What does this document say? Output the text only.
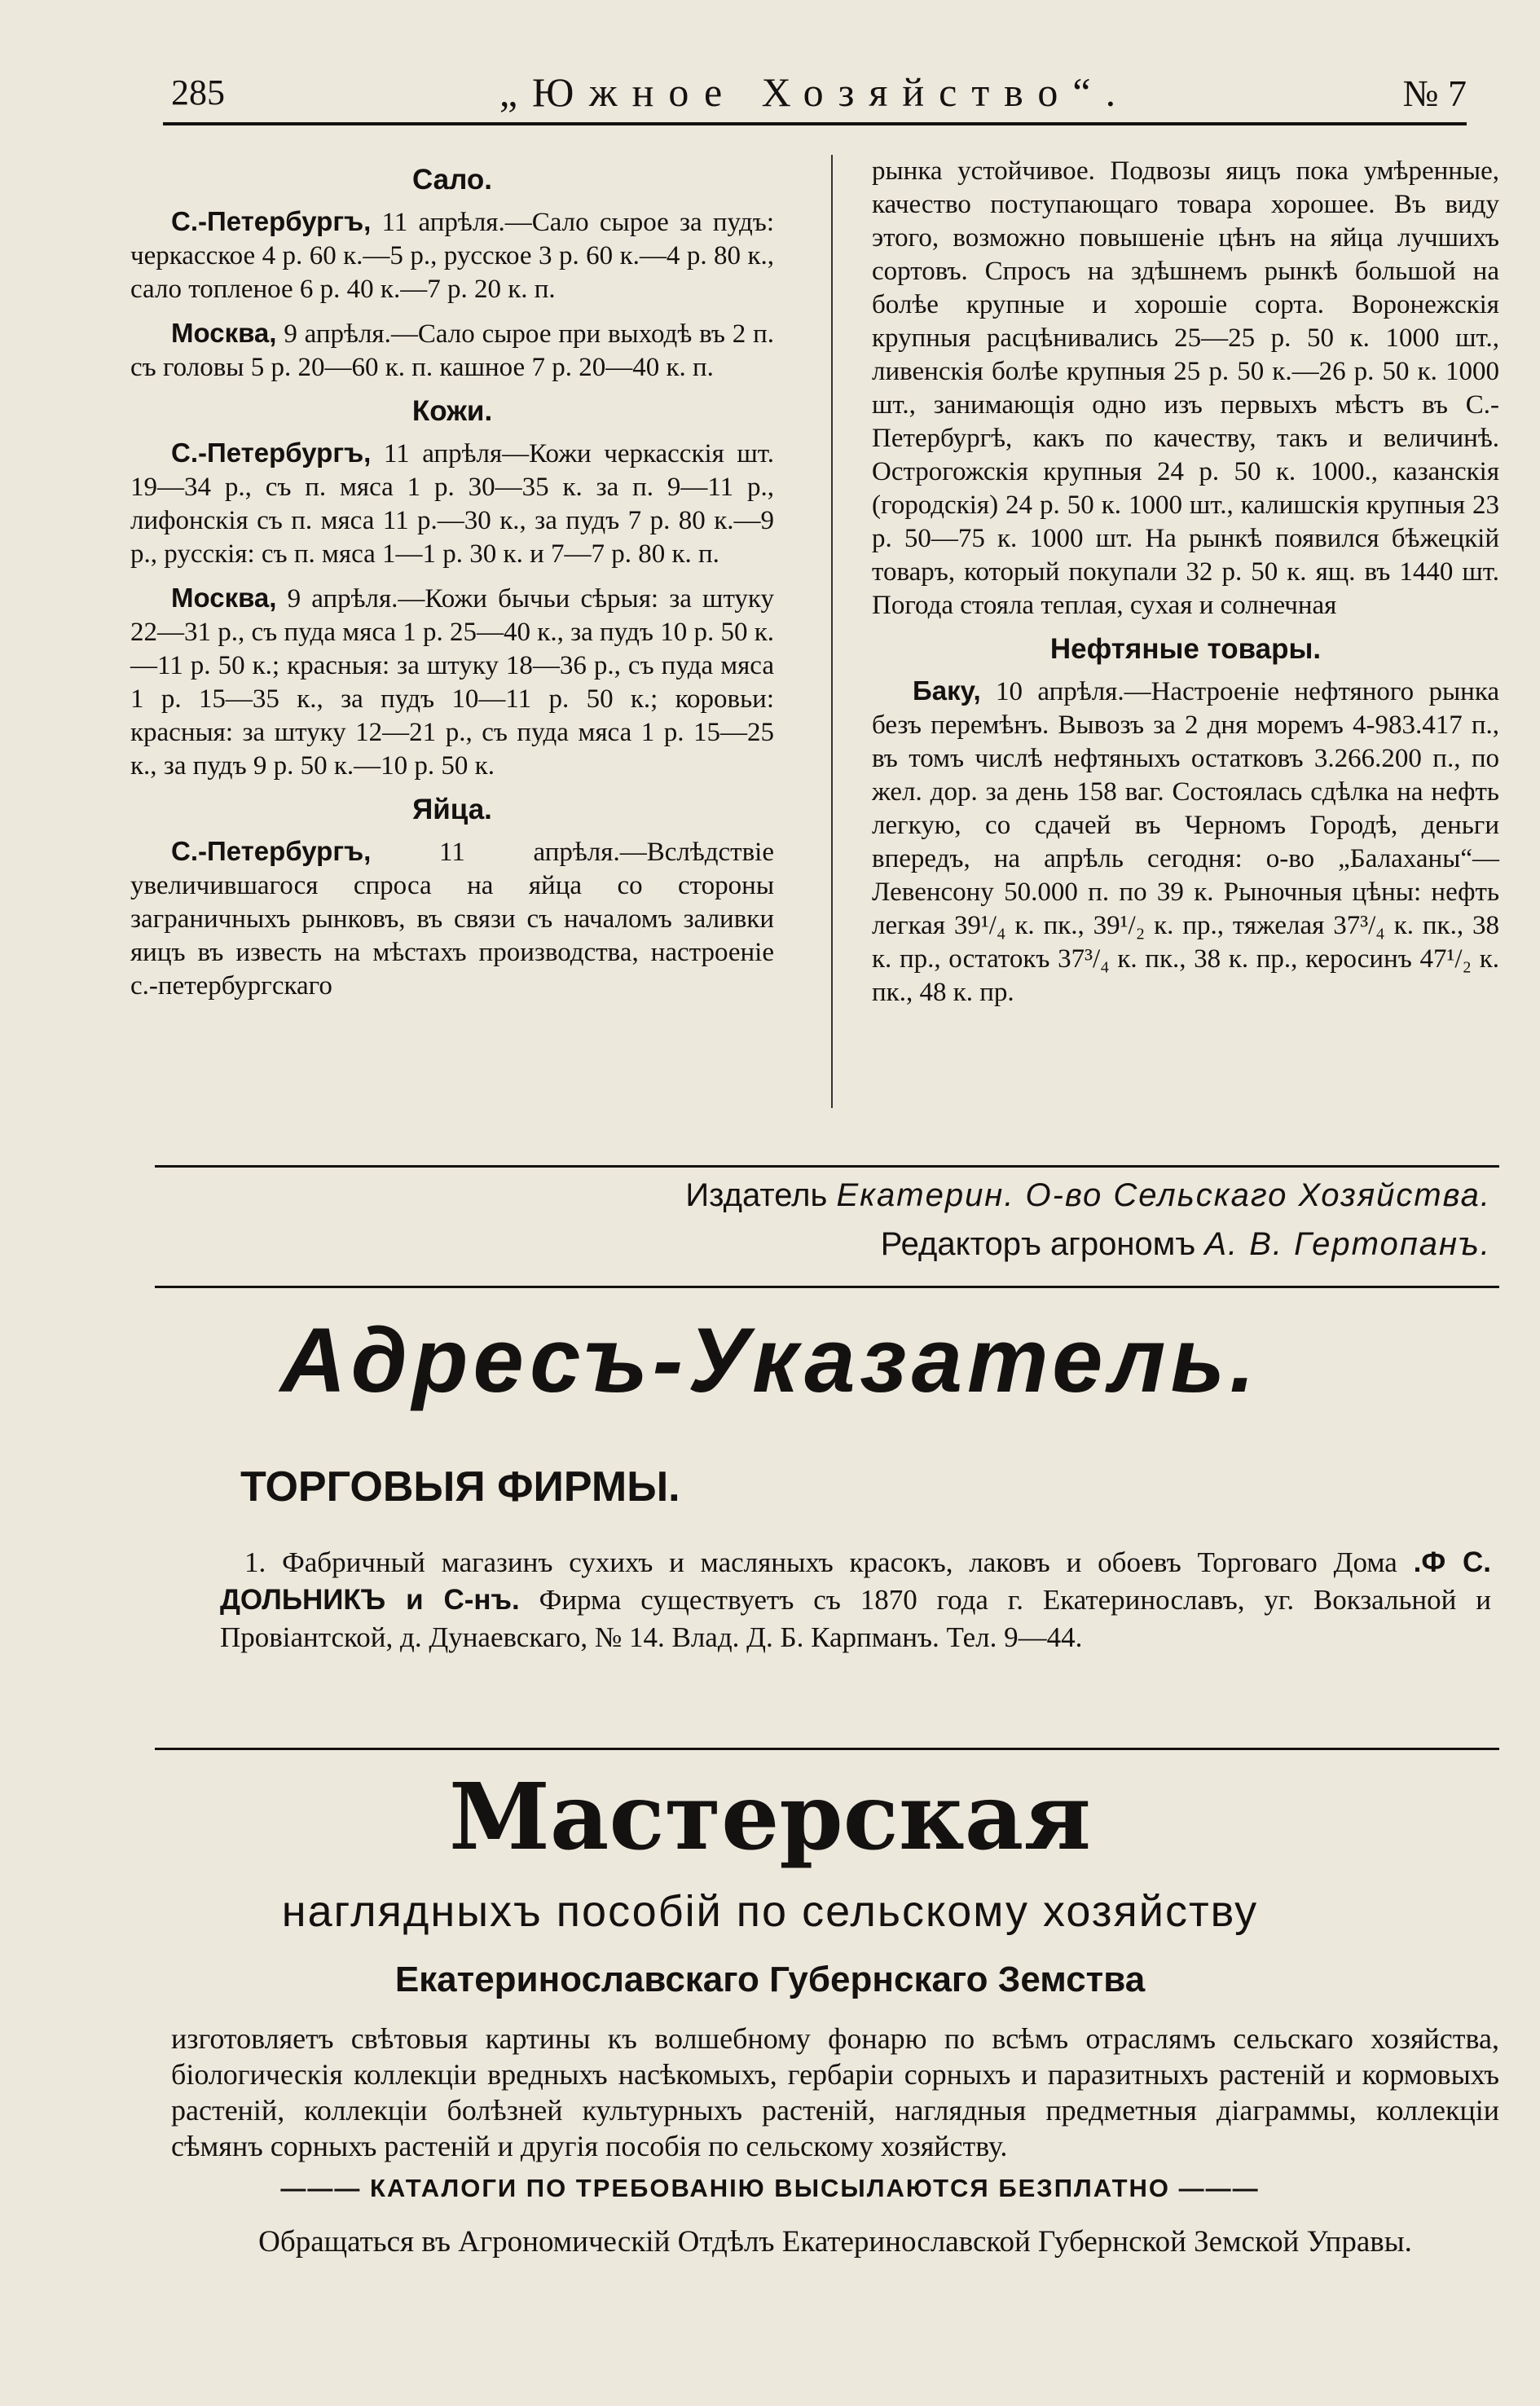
285	„Южное Хозяйство“.	№ 7
Сало.

С.-Петербургъ, 11 апрѣля.—Сало сырое за пудъ: черкасское 4 р. 60 к.—5 р., русское 3 р. 60 к.—4 р. 80 к., сало топленое 6 р. 40 к.—7 р. 20 к. п.

Москва, 9 апрѣля.—Сало сырое при выходѣ въ 2 п. съ головы 5 р. 20—60 к. п. кашное 7 р. 20—40 к. п.

Кожи.

С.-Петербургъ, 11 апрѣля—Кожи черкасскія шт. 19—34 р., съ п. мяса 1 р. 30—35 к. за п. 9—11 р., лифонскія съ п. мяса 11 р.—30 к., за пудъ 7 р. 80 к.—9 р., русскія: съ п. мяса 1—1 р. 30 к. и 7—7 р. 80 к. п.

Москва, 9 апрѣля.—Кожи бычьи сѣрыя: за штуку 22—31 р., съ пуда мяса 1 р. 25—40 к., за пудъ 10 р. 50 к.—11 р. 50 к.; красныя: за штуку 18—36 р., съ пуда мяса 1 р. 15—35 к., за пудъ 10—11 р. 50 к.; коровьи: красныя: за штуку 12—21 р., съ пуда мяса 1 р. 15—25 к., за пудъ 9 р. 50 к.—10 р. 50 к.

Яйца.

С.-Петербургъ,	11 апрѣля.—Вслѣдствіе увеличившагося спроса на яйца со стороны заграничныхъ рынковъ, въ связи съ началомъ заливки яицъ въ известь на мѣстахъ производства, настроеніе с.-петербургскаго

рынка устойчивое. Подвозы яицъ пока умѣренные, качество поступающаго товара хорошее. Въ виду этого, возможно повышеніе цѣнъ на яйца лучшихъ сортовъ. Спросъ на здѣшнемъ рынкѣ большой на болѣе крупные и хорошіе сорта. Воронежскія крупныя расцѣнивались 25—25 р. 50 к. 1000 шт., ливенскія болѣе крупныя 25 р. 50 к.—26 р. 50 к. 1000 шт., занимающія одно изъ первыхъ мѣстъ въ С.-Петербургѣ, какъ по качеству, такъ и величинѣ. Острогожскія крупныя 24 р. 50 к. 1000., казанскія (городскія) 24 р. 50 к. 1000 шт., калишскія крупныя 23 р. 50—75 к. 1000 шт. На рынкѣ появился бѣжецкій товаръ, который покупали 32 р. 50 к. ящ. въ 1440 шт. Погода стояла теплая, сухая и солнечная

Нефтяные товары.

Баку, 10 апрѣля.—Настроеніе нефтяного рынка безъ перемѣнъ. Вывозъ за 2 дня моремъ 4-983.417 п., въ томъ числѣ нефтяныхъ остатковъ 3.266.200 п., по жел. дор. за день 158 ваг. Состоялась сдѣлка на нефть легкую, со сдачей въ Черномъ Городѣ, деньги впередъ, на апрѣль сегодня: о-во „Балаханы“—Левенсону 50.000 п. по 39 к. Рыночныя цѣны: нефть легкая 39¹/₄ к. пк., 39¹/₂ к. пр., тяжелая 37³/₄ к. пк., 38 к. пр., остатокъ 37³/₄ к. пк., 38 к. пр., керосинъ 47¹/₂ к. пк., 48 к. пр.

Издатель Екатерин. О-во Сельскаго Хозяйства.
Редакторъ агрономъ А. В. Гертопанъ.
Адресъ-Указатель.
ТОРГОВЫЯ ФИРМЫ.
1. Фабричный магазинъ сухихъ и масляныхъ красокъ, лаковъ и обоевъ Торговаго Дома .Ф С. ДОЛЬНИКЪ и С-нъ. Фирма существуетъ съ 1870 года г. Екатеринославъ, уг. Вокзальной и Провіантской, д. Дунаевскаго, № 14. Влад. Д. Б. Карпманъ. Тел. 9—44.
Мастерская
наглядныхъ пособій по сельскому хозяйству
Екатеринославскаго Губернскаго Земства
изготовляетъ свѣтовыя картины къ волшебному фонарю по всѣмъ отраслямъ сельскаго хозяйства, біологическія коллекціи вредныхъ насѣкомыхъ, гербаріи сорныхъ и паразитныхъ растеній и кормовыхъ растеній, коллекціи болѣзней культурныхъ растеній, наглядныя предметныя діаграммы, коллекціи сѣмянъ сорныхъ растеній и другія пособія по сельскому хозяйству.
——— КАТАЛОГИ ПО ТРЕБОВАНІЮ ВЫСЫЛАЮТСЯ БЕЗПЛАТНО ———
Обращаться въ Агрономическій Отдѣлъ Екатеринославской Губернской Земской Управы.
